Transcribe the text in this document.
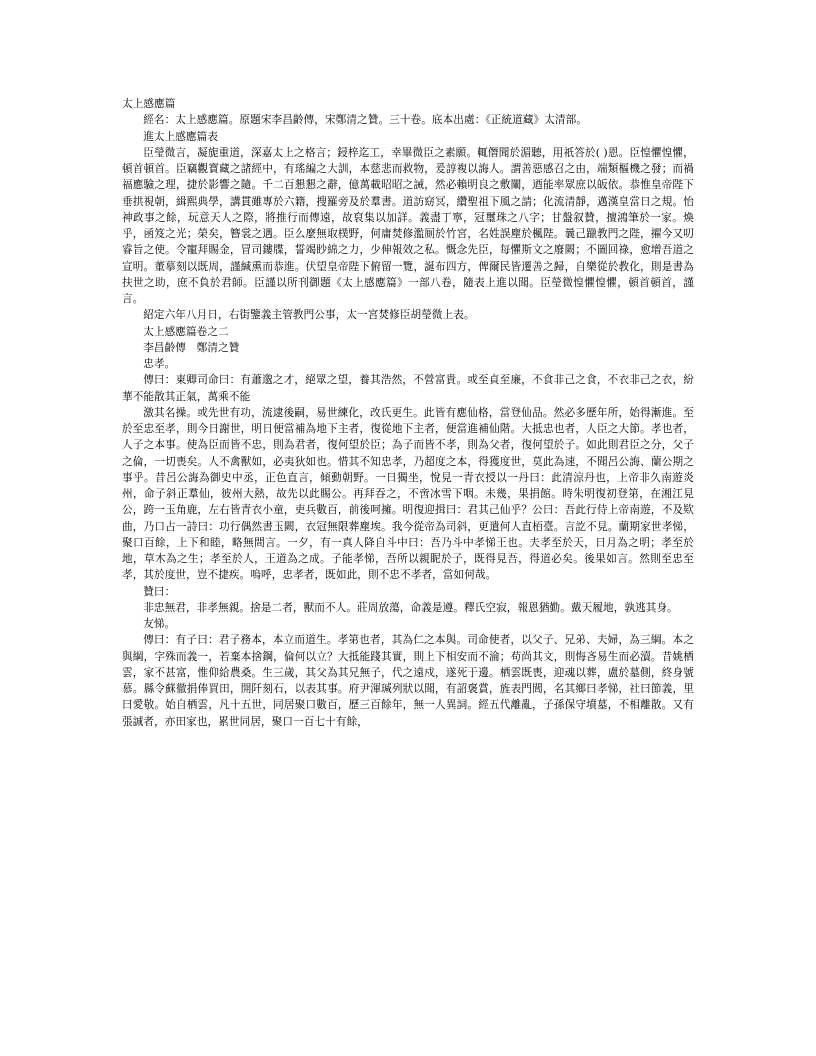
太上感應篇

經名：太上感應篇。原題宋李昌齡傳，宋鄭清之贊。三十卷。底本出處：《正統道藏》太清部。

進太上感應篇表

臣瑩微言，凝旎重道，深嘉太上之格言；鋟梓迄工，幸畢微臣之素願。輒僭聞於湄聽，用祇答於( )恩。臣惶懼惶懼，頓首頓首。臣竊觀寳藏之諸經中，有瑤編之大訓，本慈悲而救物，爰諄複以誨人。謂善惡感召之由，端類樞機之發；而禍福應驗之理，捷於影響之隨。千二百懇懇之辭，億萬載昭昭之誡，然必賴明良之敷闡，迺能率眾庶以皈依。恭惟皇帝陛下垂拱視朝，緝熙典學，講貫雖專於六籍，搜羅旁及於羣書。道訪窈冥，纘聖祖下風之請；化流清靜，邁漢皇當日之規。怡神政事之餘，玩意天人之際，將推行而傳遠，故裒集以加詳。義盡丁寧，冠璽珠之八字；甘盤叙贊，擅鴻筆於一家。煥乎，函笈之光；榮矣，簪裳之遇。臣么麼無取樸野，何庸焚修濫厠於竹宮，名姓誤塵於楓陛。曩己躐教門之陛，擢今又叨睿旨之使。令寵拜賜金，冒司鏤牒，誓竭眇綿之力，少伸報效之私。慨念先臣，每懼斯文之廢闕；不圖回祿，愈增吾道之宣明。董摹刻以既周，謹緘熏而恭進。伏望皇帝陛下俯留一覽，誕布四方，俾爾民皆遷善之歸，自樂從於教化，則是書為扶世之助，庶不負於君師。臣謹以所刊御題《太上感應篇》一部八卷，隨表上進以聞。臣瑩微惶懼惶懼，頓首頓首，謹言。

紹定六年八月日，右街鑒義主管教門公事，太一宮焚修臣胡瑩微上表。

太上感應篇卷之二

李昌齡傳　鄭清之贊

忠孝。

傳曰：東卿司命曰：有蕭邈之才，絕眾之望，養其浩然，不營富貴。或至貞至廉，不食非己之食，不衣非己之衣，紛華不能散其正氣，萬乘不能

激其名操。或先世有功，流逮後嗣，易世練化，改氏更生。此皆有應仙格，當登仙品。然必多歷年所，始得漸進。至於至忠至孝，則今日謝世，明日便當補為地下主者，復從地下主者，便當進補仙階。大抵忠也者，人臣之大節。孝也者，人子之本事。使為臣而皆不忠，則為君者，復何望於臣；為子而皆不孝，則為父者，復何望於子。如此則君臣之分，父子之倫，一切喪矣。人不禽獸如，必夷狄如也。惜其不知忠孝，乃超度之本，得獲度世，莫此為速，不聞呂公誨、蘭公期之事乎。昔呂公誨為御史中丞，正色直言，傾動朝野。一日獨坐，悅見一青衣授以一丹曰：此清涼丹也，上帝非久南遊炎州，命子斜正羣仙，彼州大熱，故先以此賜公。再拜吞之，不啻冰雪下咽。未幾，果捐館。時朱明復初登第，在湘江見公，跨一玉角鹿，左右皆青衣小童，吏兵數百，前後呵擁。明復迎揖曰：君其己仙乎？公曰：吾此行侍上帝南遊，不及欵曲，乃口占一詩曰：功行偶然書玉闕，衣冠無限葬塵埃。我今從帝為司斜，更遣何人直栢臺。言訖不見。蘭期家世孝悌，聚口百餘，上下和睦，略無間言。一夕，有一真人降自斗中曰：吾乃斗中孝悌王也。夫孝至於天，日月為之明；孝至於地，草木為之生；孝至於人，王道為之成。子能孝悌，吾所以親眤於子，既得見吾，得道必矣。後果如言。然則至忠至孝，其於度世，豈不捷疾。嗚呼，忠孝者，既如此，則不忠不孝者，當如何哉。

贊曰：

非忠無君，非孝無親。捨是二者，獸而不人。莊周放蕩，命義是遵。釋氏空寂，報恩猶勤。戴天履地，孰逃其身。

友悌。

傳曰：有子曰：君子務本，本立而道生。孝第也者，其為仁之本與。司命使者，以父子、兄弟、夫婦，為三綱。本之與綱，字殊而義一，若棄本捨鋼，倫何以立？大抵能踐其實，則上下相安而不淪；苟尚其文，則悔吝易生而必瀆。昔姚栖雲，家不甚富，惟仰給農桑。生三歲，其父為其兄無子，代之遠戍，遂死于邊。栖雲既喪，迎魂以葬，盧於墓側，終身號慕。縣令蘇徹捐俸買田，開阡刻石，以表其事。府尹渾瑊列狀以聞，有詔褒賞，旌表門閭，名其鄉曰孝悌，社曰節義，里曰愛敬。始自栖雲，凡十五世，同居聚口數百，歷三百餘年，無一人異詞。經五代離亂，子孫保守墳墓，不相離散。又有張誠者，亦田家也，累世同居，聚口一百七十有餘，
